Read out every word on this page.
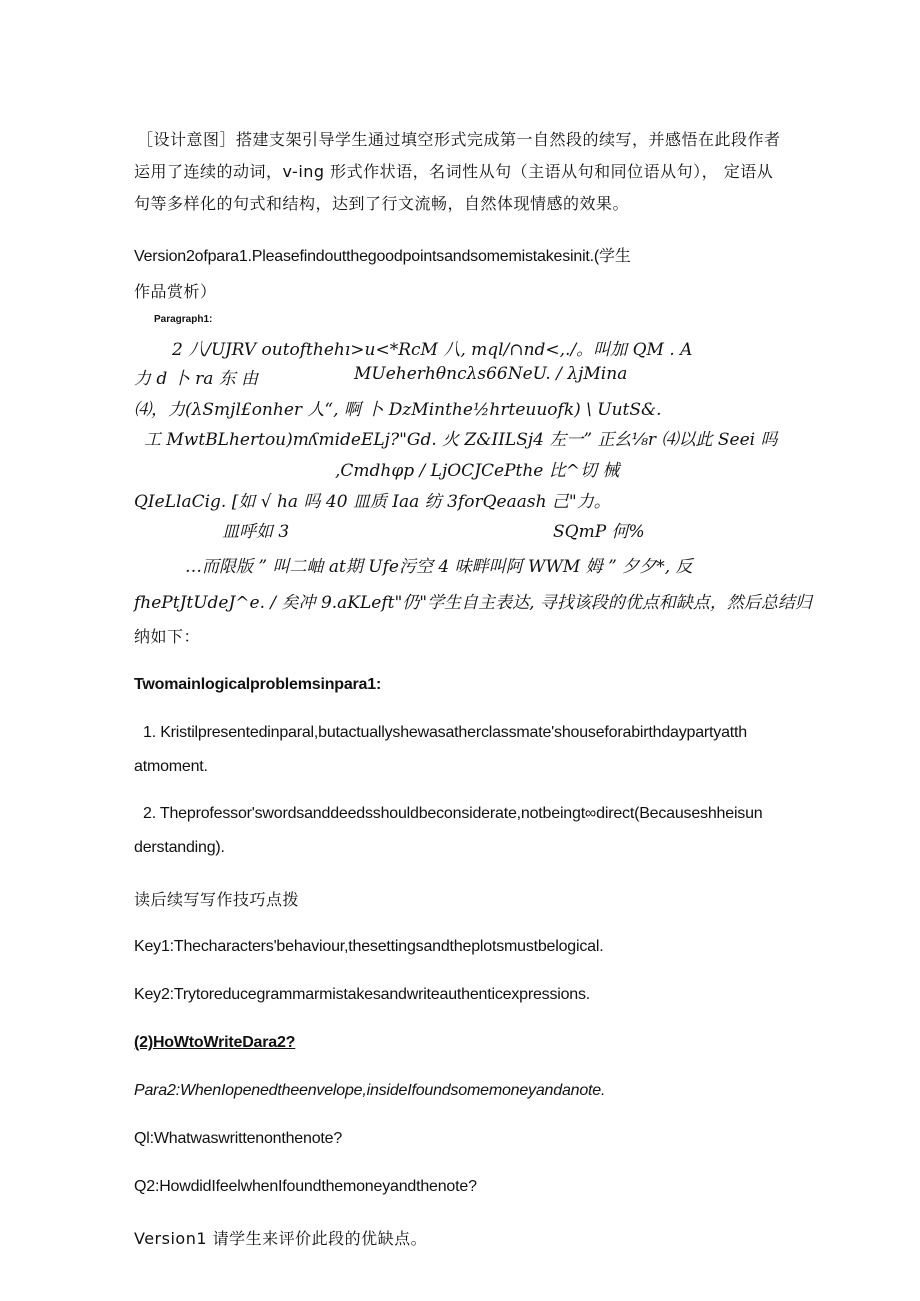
［设计意图］搭建支架引导学生通过填空形式完成第一自然段的续写，并感悟在此段作者
运用了连续的动词，v-ing 形式作状语，名词性从句（主语从句和同位语从句）， 定语从
句等多样化的句式和结构，达到了行文流畅，自然体现情感的效果。
Version2ofpara1.Pleasefindoutthegoodpointsandsomemistakesinit.(学生
作品赏析）
Paragraph1:
2 八/UJRV outofthehı>u<*RcM 八, mql/∩nd<,./。叫加 QM . A
力 d 卜 ra 东 由	MUeherhθncλs66NeU. / λjMina
⑷，力(λSmjl£onher 人“, 啊 卜 DzMinthe½hrteuuofk) \ UutS&.
工 MwtBLhertou)mʎmideELj?"Gd. 火 Z&IILSj4 左一” 正幺⅛r ⑷以此 Seei 吗
,Cmdhφp / LjOCJCePthe 比^切 械
QIeLlaCig. [如 √ ha 吗 40 皿质 Iaa 纺 3forQeaash 己"力。
皿呼如 3	SQmP 何%
…而限版 ” 叫二岫 at期 Ufe污空 4 味畔叫阿 WWM 姆 ” 夕夕*, 反
fhePtJtUdeJ^e. / 矣冲 9.aKLeft"仍"学生自主表达, 寻找该段的优点和缺点，然后总结归
纳如下：
Twomainlogicalproblemsinpara1:
1. Kristilpresentedinparal,butactuallyshewasatherclassmate'shouseforabirthdaypartyatth
atmoment.
2. Theprofessor'swordsanddeedsshouldbeconsiderate,notbeingt∞direct(Becauseshheisun
derstanding).
读后续写写作技巧点拨
Key1:Thecharacters'behaviour,thesettingsandtheplotsmustbelogical.
Key2:Trytoreducegrammarmistakesandwriteauthenticexpressions.
(2)HoWtoWriteDara2?
Para2:WhenIopenedtheenvelope,insideIfoundsomemoneyandanote.
Ql:Whatwaswrittenonthenote?
Q2:HowdidIfeelwhenIfoundthemoneyandthenote?
Version1 请学生来评价此段的优缺点。
